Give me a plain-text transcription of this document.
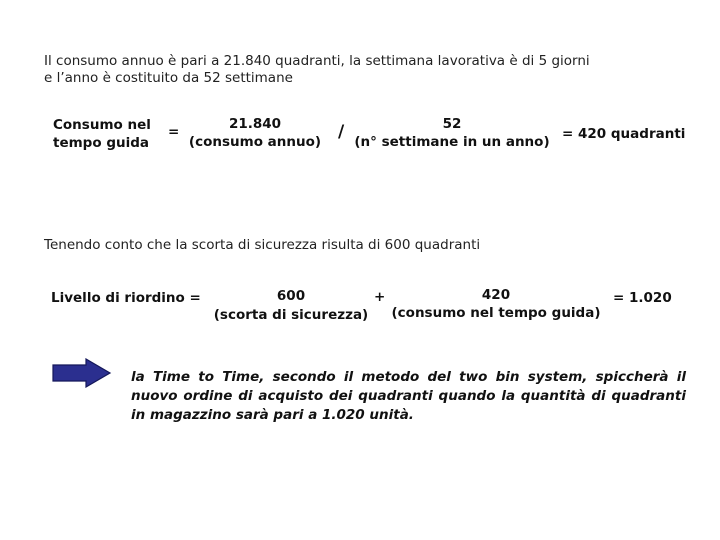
Il consumo annuo è pari a 21.840 quadranti, la settimana lavorativa è di 5 giorni
e l’anno è costituito da 52 settimane
Consumo nel
tempo guida
=	21.840
(consumo annuo) /	52
(n° settimane in un anno) = 420 quadranti
Tenendo conto che la scorta di sicurezza risulta di 600 quadranti
Livello di riordino =	600
(scorta di sicurezza)
+	420
(consumo nel tempo guida)
= 1.020
la Time to Time, secondo il metodo del two bin system, spiccherà il nuovo ordine di acquisto dei quadranti quando la quantità di quadranti in magazzino sarà pari a 1.020 unità.
